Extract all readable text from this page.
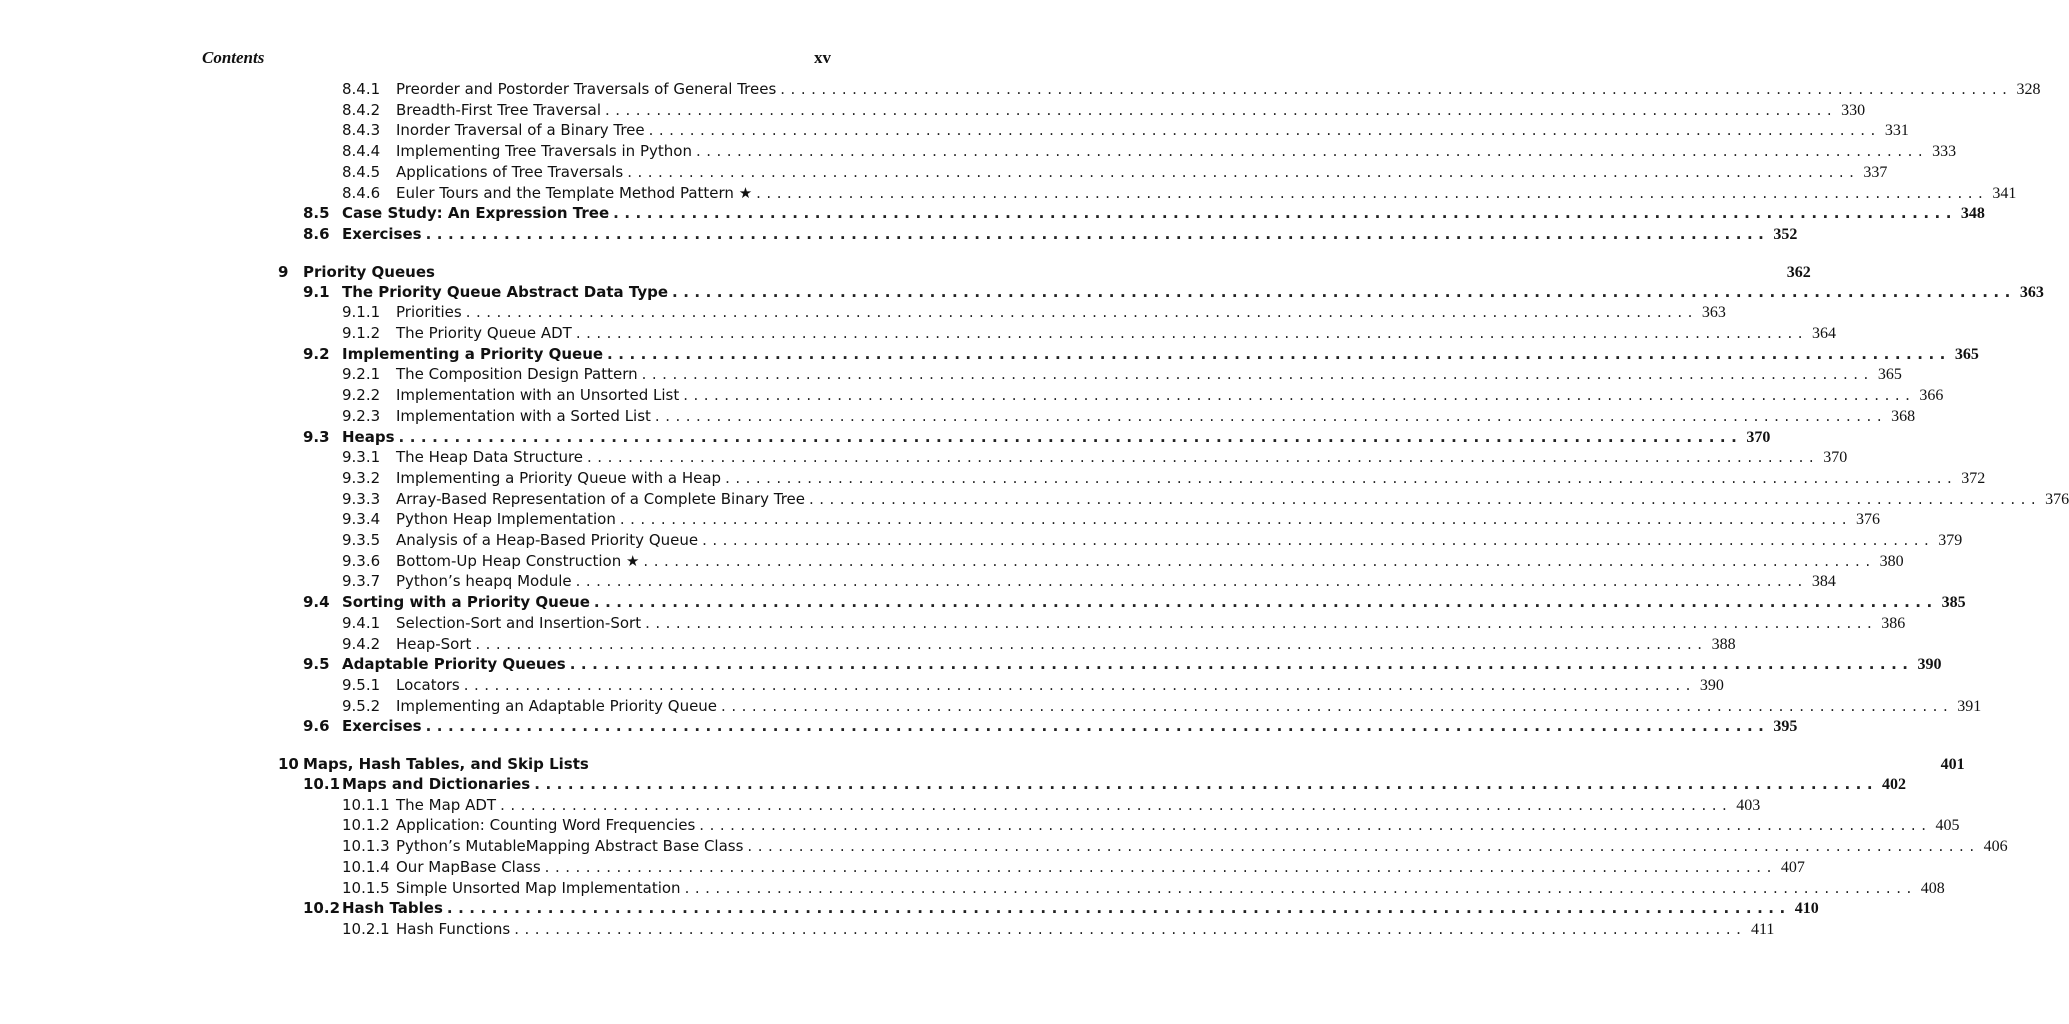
Contents	xv
8.4.1 Preorder and Postorder Traversals of General Trees ........................................................................................................................ 328
8.4.2 Breadth-First Tree Traversal ........................................................................................................................ 330
8.4.3 Inorder Traversal of a Binary Tree ........................................................................................................................ 331
8.4.4 Implementing Tree Traversals in Python ........................................................................................................................ 333
8.4.5 Applications of Tree Traversals ........................................................................................................................ 337
8.4.6 Euler Tours and the Template Method Pattern ★ ........................................................................................................................ 341
8.5 Case Study: An Expression Tree ........................................................................................................................ 348
8.6 Exercises ........................................................................................................................ 352
9 Priority Queues	362
9.1 The Priority Queue Abstract Data Type ........................................................................................................................ 363
9.1.1 Priorities ........................................................................................................................ 363
9.1.2 The Priority Queue ADT ........................................................................................................................ 364
9.2 Implementing a Priority Queue ........................................................................................................................ 365
9.2.1 The Composition Design Pattern ........................................................................................................................ 365
9.2.2 Implementation with an Unsorted List ........................................................................................................................ 366
9.2.3 Implementation with a Sorted List ........................................................................................................................ 368
9.3 Heaps ........................................................................................................................ 370
9.3.1 The Heap Data Structure ........................................................................................................................ 370
9.3.2 Implementing a Priority Queue with a Heap ........................................................................................................................ 372
9.3.3 Array-Based Representation of a Complete Binary Tree ........................................................................................................................ 376
9.3.4 Python Heap Implementation ........................................................................................................................ 376
9.3.5 Analysis of a Heap-Based Priority Queue ........................................................................................................................ 379
9.3.6 Bottom-Up Heap Construction ★ ........................................................................................................................ 380
9.3.7 Python’s heapq Module ........................................................................................................................ 384
9.4 Sorting with a Priority Queue ........................................................................................................................ 385
9.4.1 Selection-Sort and Insertion-Sort ........................................................................................................................ 386
9.4.2 Heap-Sort ........................................................................................................................ 388
9.5 Adaptable Priority Queues ........................................................................................................................ 390
9.5.1 Locators ........................................................................................................................ 390
9.5.2 Implementing an Adaptable Priority Queue ........................................................................................................................ 391
9.6 Exercises ........................................................................................................................ 395
10 Maps, Hash Tables, and Skip Lists	401
10.1 Maps and Dictionaries ........................................................................................................................ 402
10.1.1 The Map ADT ........................................................................................................................ 403
10.1.2 Application: Counting Word Frequencies ........................................................................................................................ 405
10.1.3 Python’s MutableMapping Abstract Base Class ........................................................................................................................ 406
10.1.4 Our MapBase Class ........................................................................................................................ 407
10.1.5 Simple Unsorted Map Implementation ........................................................................................................................ 408
10.2 Hash Tables ........................................................................................................................ 410
10.2.1 Hash Functions ........................................................................................................................ 411
